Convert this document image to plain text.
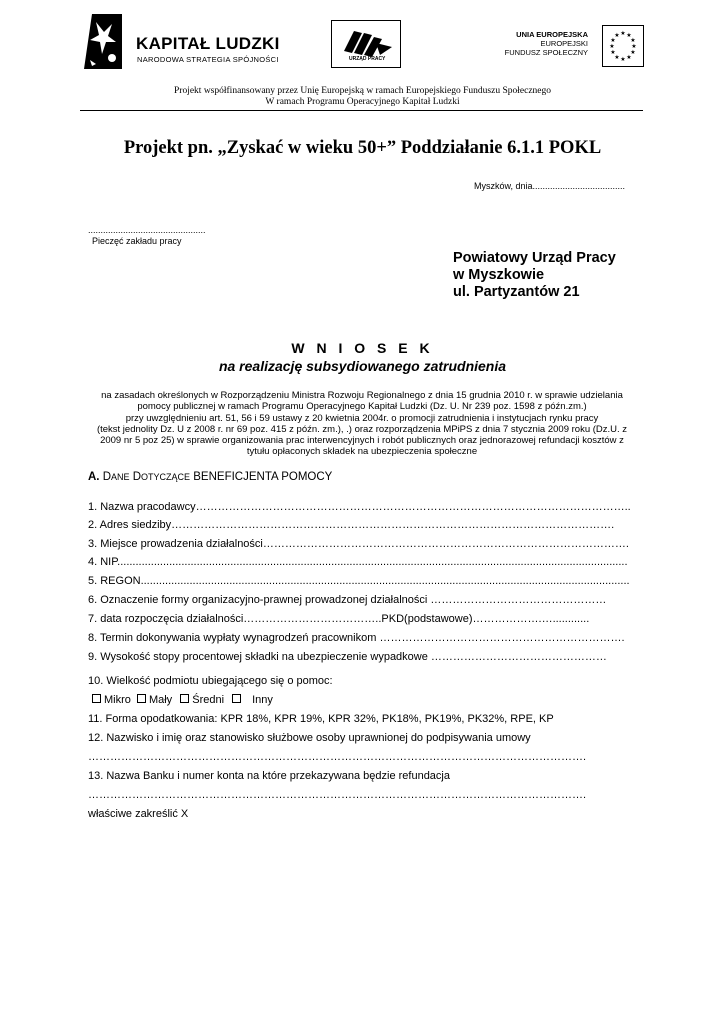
KAPITAŁ LUDZKI
NARODOWA STRATEGIA SPÓJNOŚCI	URZĄD PRACY
UNIA EUROPEJSKA
EUROPEJSKI
FUNDUSZ SPOŁECZNY
★ ★
★
★
★
★
★
★
★
★
★
★
Projekt współfinansowany przez Unię Europejską w ramach Europejskiego Funduszu Społecznego
W ramach Programu Operacyjnego Kapitał Ludzki
Projekt pn. „Zyskać w wieku 50+” Poddziałanie 6.1.1 POKL
Myszków, dnia.....................................
...............................................
Pieczęć zakładu pracy
Powiatowy Urząd Pracy
w Myszkowie
ul. Partyzantów 21
W N I O S E K
na realizację subsydiowanego zatrudnienia
na zasadach określonych w Rozporządzeniu Ministra Rozwoju Regionalnego z dnia 15 grudnia 2010 r. w sprawie udzielania
pomocy publicznej w ramach Programu Operacyjnego Kapitał Ludzki (Dz. U. Nr 239 poz. 1598 z późn.zm.)
przy uwzględnieniu art. 51, 56 i 59 ustawy z 20 kwietnia 2004r. o promocji zatrudnienia i instytucjach rynku pracy
(tekst jednolity Dz. U z 2008 r. nr 69 poz. 415 z późn. zm.), .) oraz rozporządzenia MPiPS z dnia 7 stycznia 2009 roku (Dz.U. z
2009 nr 5 poz 25) w sprawie organizowania prac interwencyjnych i robót publicznych oraz jednorazowej refundacji kosztów z
tytułu opłaconych składek na ubezpieczenia społeczne
A. DANE DOTYCZĄCE BENEFICJENTA POMOCY
1. Nazwa pracodawcy………………………………………………………………………………………………………..
2. Adres siedziby………………………………………………………………………………………………………….
3. Miejsce prowadzenia działalności……………………………………………………………………………………….
4. NIP.......................................................................................................................................................................
5. REGON................................................................................................................................................................
6. Oznaczenie formy organizacyjno-prawnej prowadzonej działalności …………………………………………
7. data rozpoczęcia działalności………………………………..PKD(podstawowe)……………….…............
8. Termin dokonywania wypłaty wynagrodzeń pracownikom ………………………………………………………….
9. Wysokość stopy procentowej składki na ubezpieczenie wypadkowe …………………………………………
10. Wielkość podmiotu ubiegającego się o pomoc:
Mikro Mały Średni	Inny
11. Forma opodatkowania: KPR 18%, KPR 19%, KPR 32%, PK18%, PK19%, PK32%, RPE, KP
12. Nazwisko i imię oraz stanowisko służbowe osoby uprawnionej do podpisywania umowy
……………………………………………………………………………………………………………………….
13. Nazwa Banku i numer konta na które przekazywana będzie refundacja
……………………………………………………………………………………………………………………….
właściwe zakreślić X
